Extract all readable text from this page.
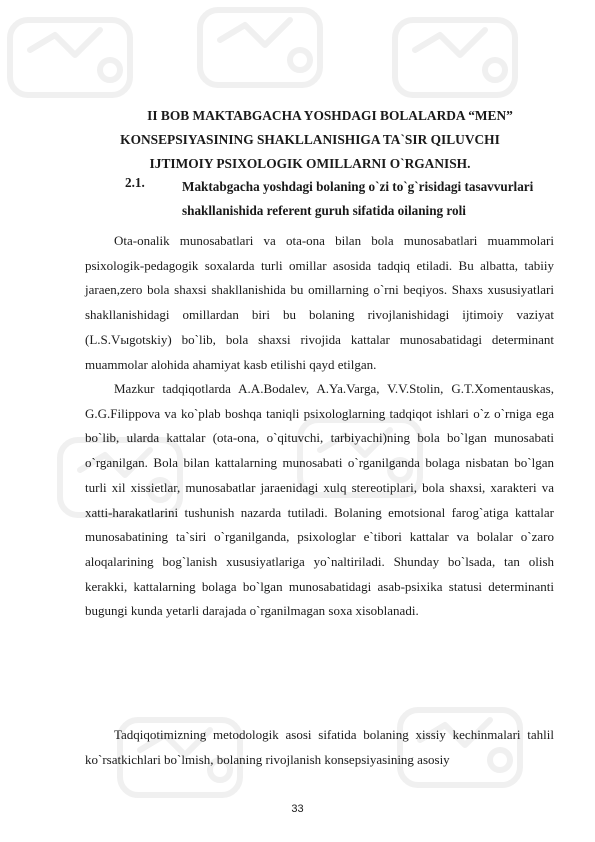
II BOB MAKTABGACHA YOSHDAGI BOLALARDA “MEN”
KONSEPSIYASINING SHAKLLANISHIGA TA`SIR QILUVCHI
IJTIMOIY PSIXOLOGIK OMILLARNI O`RGANISH.
2.1.	Maktabgacha yoshdagi bolaning o`zi to`g`risidagi tasavvurlari
shakllanishida referent guruh sifatida oilaning roli

Ota-onalik munosabatlari va ota-ona bilan bola munosabatlari muammolari psixologik-pedagogik soxalarda turli omillar asosida tadqiq etiladi. Bu albatta, tabiiy jaraen,zero bola shaxsi shakllanishida bu omillarning o`rni beqiyos. Shaxs xususiyatlari shakllanishidagi omillardan biri bu bolaning rivojlanishidagi ijtimoiy vaziyat (L.S.Vыgotskiy) bo`lib, bola shaxsi rivojida kattalar munosabatidagi determinant muammolar alohida ahamiyat kasb etilishi qayd etilgan.

Mazkur tadqiqotlarda A.A.Bodalev, A.Ya.Varga, V.V.Stolin, G.T.Xomentauskas, G.G.Filippova va ko`plab boshqa taniqli psixologlarning tadqiqot ishlari o`z o`rniga ega bo`lib, ularda kattalar (ota-ona, o`qituvchi, tarbiyachi)ning bola bo`lgan munosabati o`rganilgan. Bola bilan kattalarning munosabati o`rganilganda bolaga nisbatan bo`lgan turli xil xissietlar, munosabatlar jaraenidagi xulq stereotiplari, bola shaxsi, xarakteri va xatti-harakatlarini tushunish nazarda tutiladi. Bolaning emotsional farog`atiga kattalar munosabatining ta`siri o`rganilganda, psixologlar e`tibori kattalar va bolalar o`zaro aloqalarining bog`lanish xususiyatlariga yo`naltiriladi. Shunday bo`lsada, tan olish kerakki, kattalarning bolaga bo`lgan munosabatidagi asab-psixika statusi determinanti bugungi kunda yetarli darajada o`rganilmagan soxa xisoblanadi.

Tadqiqotimizning metodologik asosi sifatida bolaning xissiy kechinmalari tahlil ko`rsatkichlari bo`lmish, bolaning rivojlanish konsepsiyasining asosiy

33
